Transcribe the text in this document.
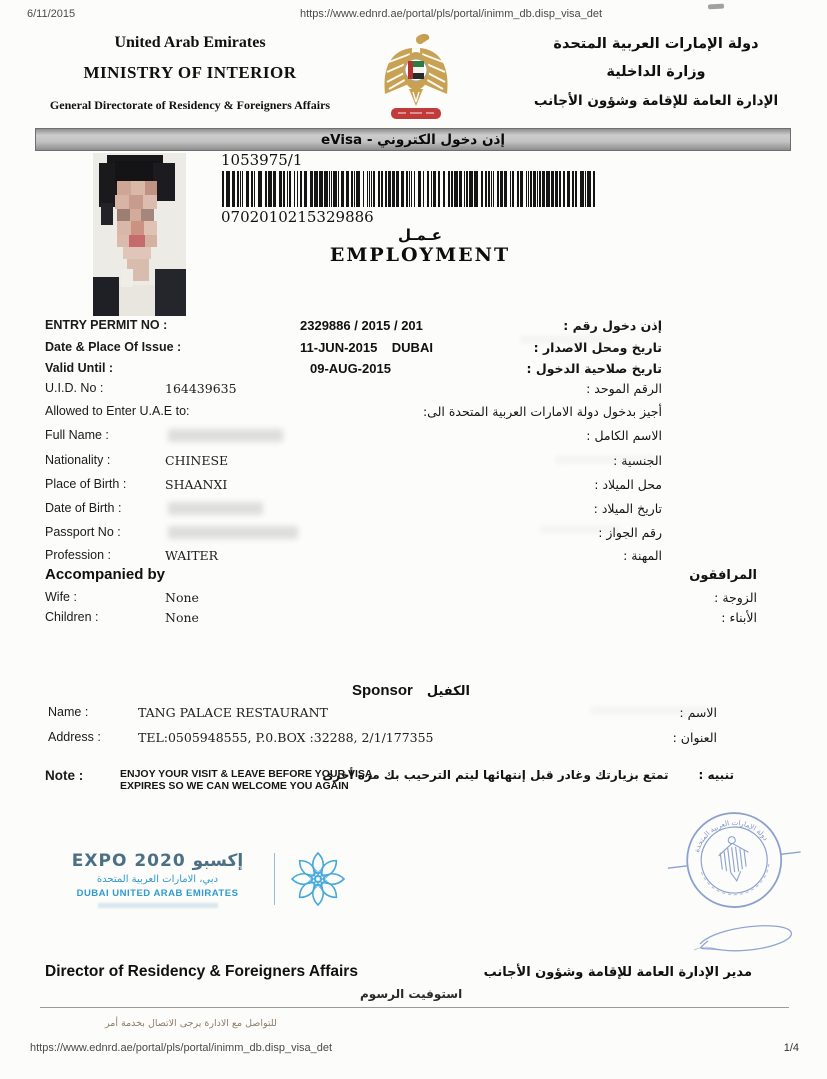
6/11/2015	https://www.ednrd.ae/portal/pls/portal/inimm_db.disp_visa_det
United Arab Emirates
MINISTRY OF INTERIOR
General Directorate of Residency & Foreigners Affairs
دولة الإمارات العربية المتحدة
وزارة الداخلية
الإدارة العامة للإقامة وشؤون الأجانب
إذن دخول الكتروني - eVisa
1053975/1
0702010215329886
عـمـل
EMPLOYMENT
ENTRY PERMIT NO :	2329886 / 2015 / 201	إذن دخول رقم :
Date & Place Of Issue :	11-JUN-2015    DUBAI	تاريخ ومحل الاصدار :
Valid Until :	09-AUG-2015	تاريخ صلاحية الدخول :
U.I.D. No :	164439635	الرقم الموحد :
Allowed to Enter U.A.E to:	أجيز بدخول دولة الامارات العربية المتحدة الى:
Full Name :	الاسم الكامل :
Nationality :	CHINESE	الجنسية :
Place of Birth :	SHAANXI	محل الميلاد :
Date of Birth :	تاريخ الميلاد :
Passport No :	رقم الجواز :
Profession :	WAITER	المهنة :
Accompanied by	المرافقون
Wife :	None	الزوجة :
Children :	None	الأبناء :
Sponsor الكفيل
Name :	TANG PALACE RESTAURANT	الاسم :
Address :	TEL:0505948555, P.0.BOX :32288, 2/1/177355	العنوان :
Note :	ENJOY YOUR VISIT & LEAVE BEFORE YOUR VISA
EXPIRES SO WE CAN WELCOME YOU AGAIN
تنبيه :
تمتع بزيارتك وغادر قبل إنتهائها ليتم الترحيب بك مرة أخرى
EXPO 2020 إكسبو
دبي، الامارات العربية المتحدة
DUBAI UNITED ARAB EMIRATES
دولة الإمارات العربية المتحدة
Director of Residency & Foreigners Affairs	مدير الإدارة العامة للإقامة وشؤون الأجانب
استوفيت الرسوم
للتواصل مع الادارة يرجى الاتصال بخدمة أمر
https://www.ednrd.ae/portal/pls/portal/inimm_db.disp_visa_det	1/4
